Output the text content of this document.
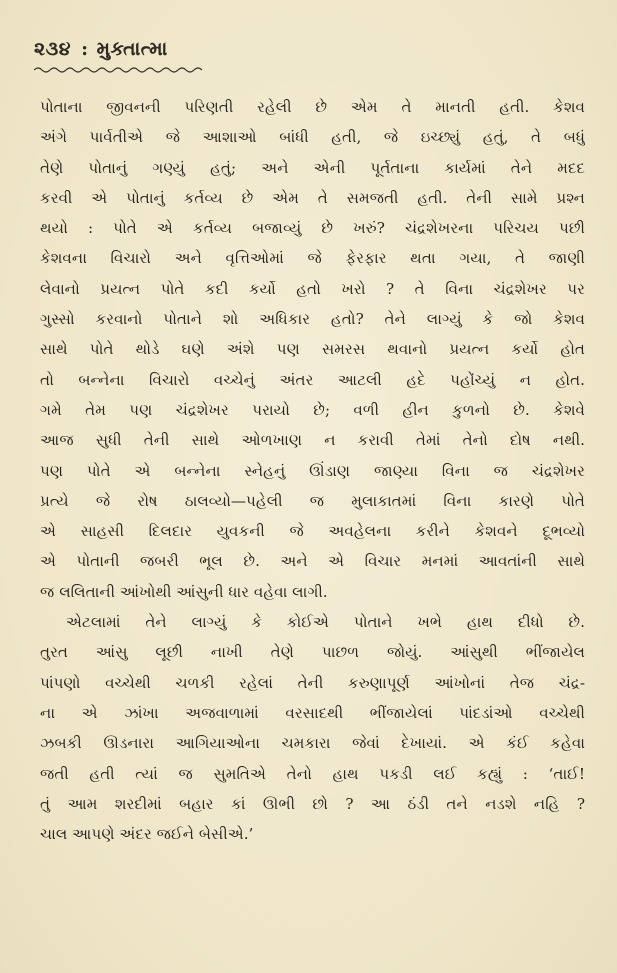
૨૩૪ : મુક્તાત્મા
પોતાના જીવનની પરિણતી રહેલી છે એમ તે માનતી હતી. કેશવ
અંગે પાર્વતીએ જે આશાઓ બાંધી હતી, જે ઇચ્છ્યું હતું, તે બધું
તેણે પોતાનું ગણ્યું હતું; અને એની પૂર્તતાના કાર્યમાં તેને મદદ
કરવી એ પોતાનું કર્તવ્ય છે એમ તે સમજતી હતી. તેની સામે પ્રશ્ન
થયો : પોતે એ કર્તવ્ય બજાવ્યું છે ખરું? ચંદ્રશેખરના પરિચય પછી
કેશવના વિચારો અને વૃત્તિઓમાં જે ફેરફાર થતા ગયા, તે જાણી
લેવાનો પ્રયત્ન પોતે કદી કર્યો હતો ખરો ? તે વિના ચંદ્રશેખર પર
ગુસ્સો કરવાનો પોતાને શો અધિકાર હતો? તેને લાગ્યું કે જો કેશવ
સાથે પોતે થોડે ઘણે અંશે પણ સમરસ થવાનો પ્રયત્ન કર્યો હોત
તો બન્નેના વિચારો વચ્ચેનું અંતર આટલી હદે પહોંચ્યું ન હોત.
ગમે તેમ પણ ચંદ્રશેખર પરાયો છે; વળી હીન કુળનો છે. કેશવે
આજ સુધી તેની સાથે ઓળખાણ ન કરાવી તેમાં તેનો દોષ નથી.
પણ પોતે એ બન્નેના સ્નેહનું ઊંડાણ જાણ્યા વિના જ ચંદ્રશેખર
પ્રત્યે જે રોષ ઠાલવ્યો—પહેલી જ મુલાકાતમાં વિના કારણે પોતે
એ સાહસી દિલદાર યુવકની જે અવહેલના કરીને કેશવને દૂભવ્યો
એ પોતાની જબરી ભૂલ છે. અને એ વિચાર મનમાં આવતાંની સાથે
જ લલિતાની આંખોથી આંસુની ધાર વહેવા લાગી.
એટલામાં તેને લાગ્યું કે કોઈએ પોતાને ખભે હાથ દીધો છે.
તુરત આંસુ લૂછી નાખી તેણે પાછળ જોયું. આંસુથી ભીંજાયેલ
પાંપણો વચ્ચેથી ચળકી રહેલાં તેની કરુણાપૂર્ણ આંખોનાં તેજ ચંદ્ર-
ના એ ઝાંખા અજવાળામાં વરસાદથી ભીંજાયેલાં પાંદડાંઓ વચ્ચેથી
ઝબકી ઊડનારા આગિયાઓના ચમકારા જેવાં દેખાયાં. એ કંઈ કહેવા
જતી હતી ત્યાં જ સુમતિએ તેનો હાથ પકડી લઈ કહ્યું : ‘તાઈ!
તું આમ શરદીમાં બહાર કાં ઊભી છો ? આ ઠંડી તને નડશે નહિ ?
ચાલ આપણે અંદર જઈને બેસીએ.’
